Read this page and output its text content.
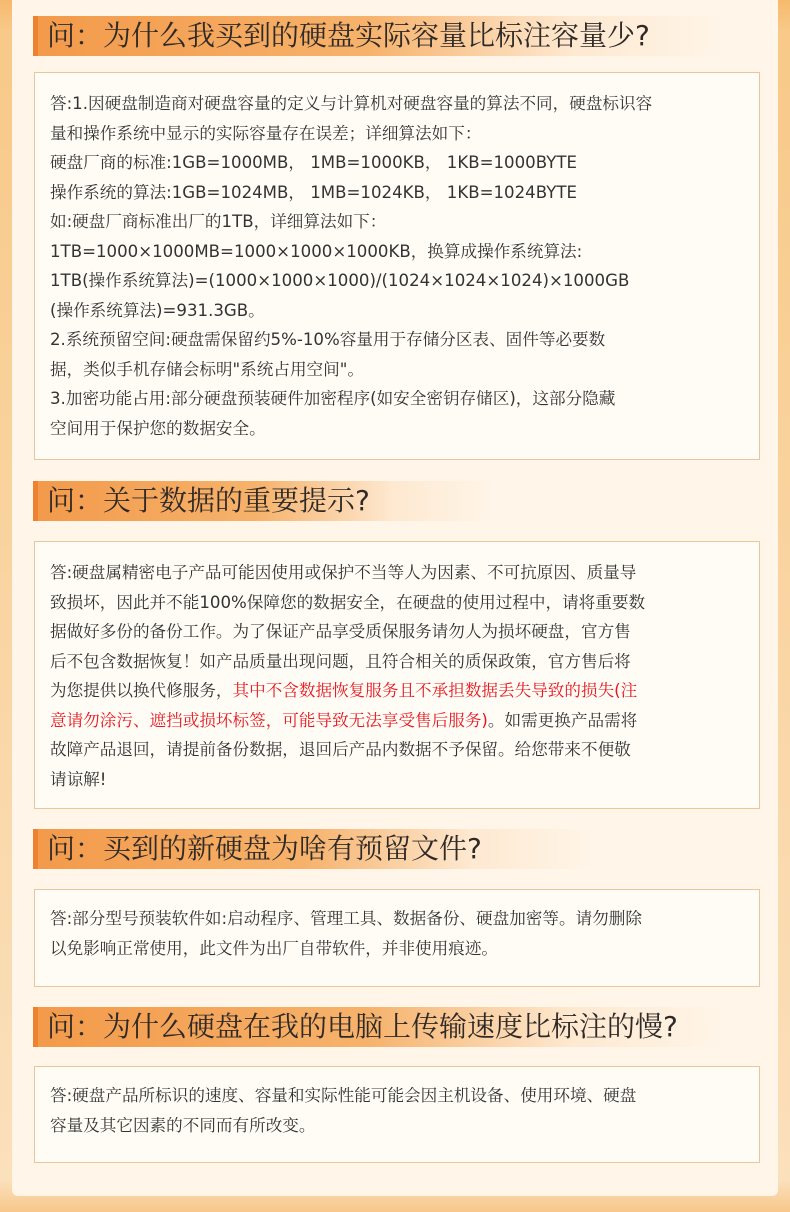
问：为什么我买到的硬盘实际容量比标注容量少?
答:1.因硬盘制造商对硬盘容量的定义与计算机对硬盘容量的算法不同，硬盘标识容
量和操作系统中显示的实际容量存在误差；详细算法如下：
硬盘厂商的标准:1GB=1000MB， 1MB=1000KB， 1KB=1000BYTE
操作系统的算法:1GB=1024MB， 1MB=1024KB， 1KB=1024BYTE
如:硬盘厂商标准出厂的1TB，详细算法如下：
1TB=1000×1000MB=1000×1000×1000KB，换算成操作系统算法:
1TB(操作系统算法)=(1000×1000×1000)/(1024×1024×1024)×1000GB
(操作系统算法)=931.3GB。
2.系统预留空间:硬盘需保留约5%-10%容量用于存储分区表、固件等必要数
据，类似手机存储会标明"系统占用空间"。
3.加密功能占用:部分硬盘预装硬件加密程序(如安全密钥存储区)，这部分隐藏
空间用于保护您的数据安全。
问：关于数据的重要提示?
答:硬盘属精密电子产品可能因使用或保护不当等人为因素、不可抗原因、质量导
致损坏，因此并不能100%保障您的数据安全，在硬盘的使用过程中，请将重要数
据做好多份的备份工作。为了保证产品享受质保服务请勿人为损坏硬盘，官方售
后不包含数据恢复！如产品质量出现问题，且符合相关的质保政策，官方售后将
为您提供以换代修服务，其中不含数据恢复服务且不承担数据丢失导致的损失(注
意请勿涂污、遮挡或损坏标签，可能导致无法享受售后服务)。如需更换产品需将
故障产品退回，请提前备份数据，退回后产品内数据不予保留。给您带来不便敬
请谅解!
问：买到的新硬盘为啥有预留文件?
答:部分型号预装软件如:启动程序、管理工具、数据备份、硬盘加密等。请勿删除
以免影响正常使用，此文件为出厂自带软件，并非使用痕迹。
问：为什么硬盘在我的电脑上传输速度比标注的慢?
答:硬盘产品所标识的速度、容量和实际性能可能会因主机设备、使用环境、硬盘
容量及其它因素的不同而有所改变。
